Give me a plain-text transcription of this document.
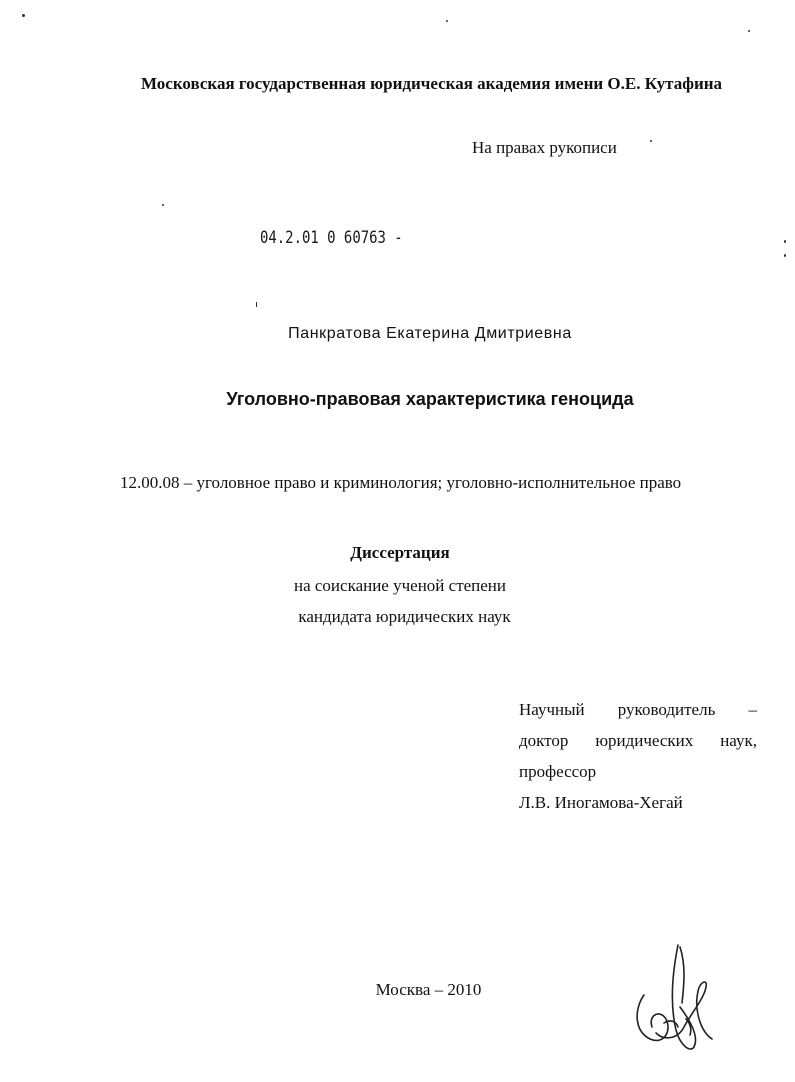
Московская государственная юридическая академия имени О.Е. Кутафина
На правах рукописи
04.2.01 0 60763 -
Панкратова Екатерина Дмитриевна
Уголовно-правовая характеристика геноцида
12.00.08 – уголовное право и криминология; уголовно-исполнительное право
Диссертация
на соискание ученой степени
кандидата юридических наук
Научный руководитель –
доктор юридических наук,
профессор
Л.В. Иногамова-Хегай
Москва – 2010
